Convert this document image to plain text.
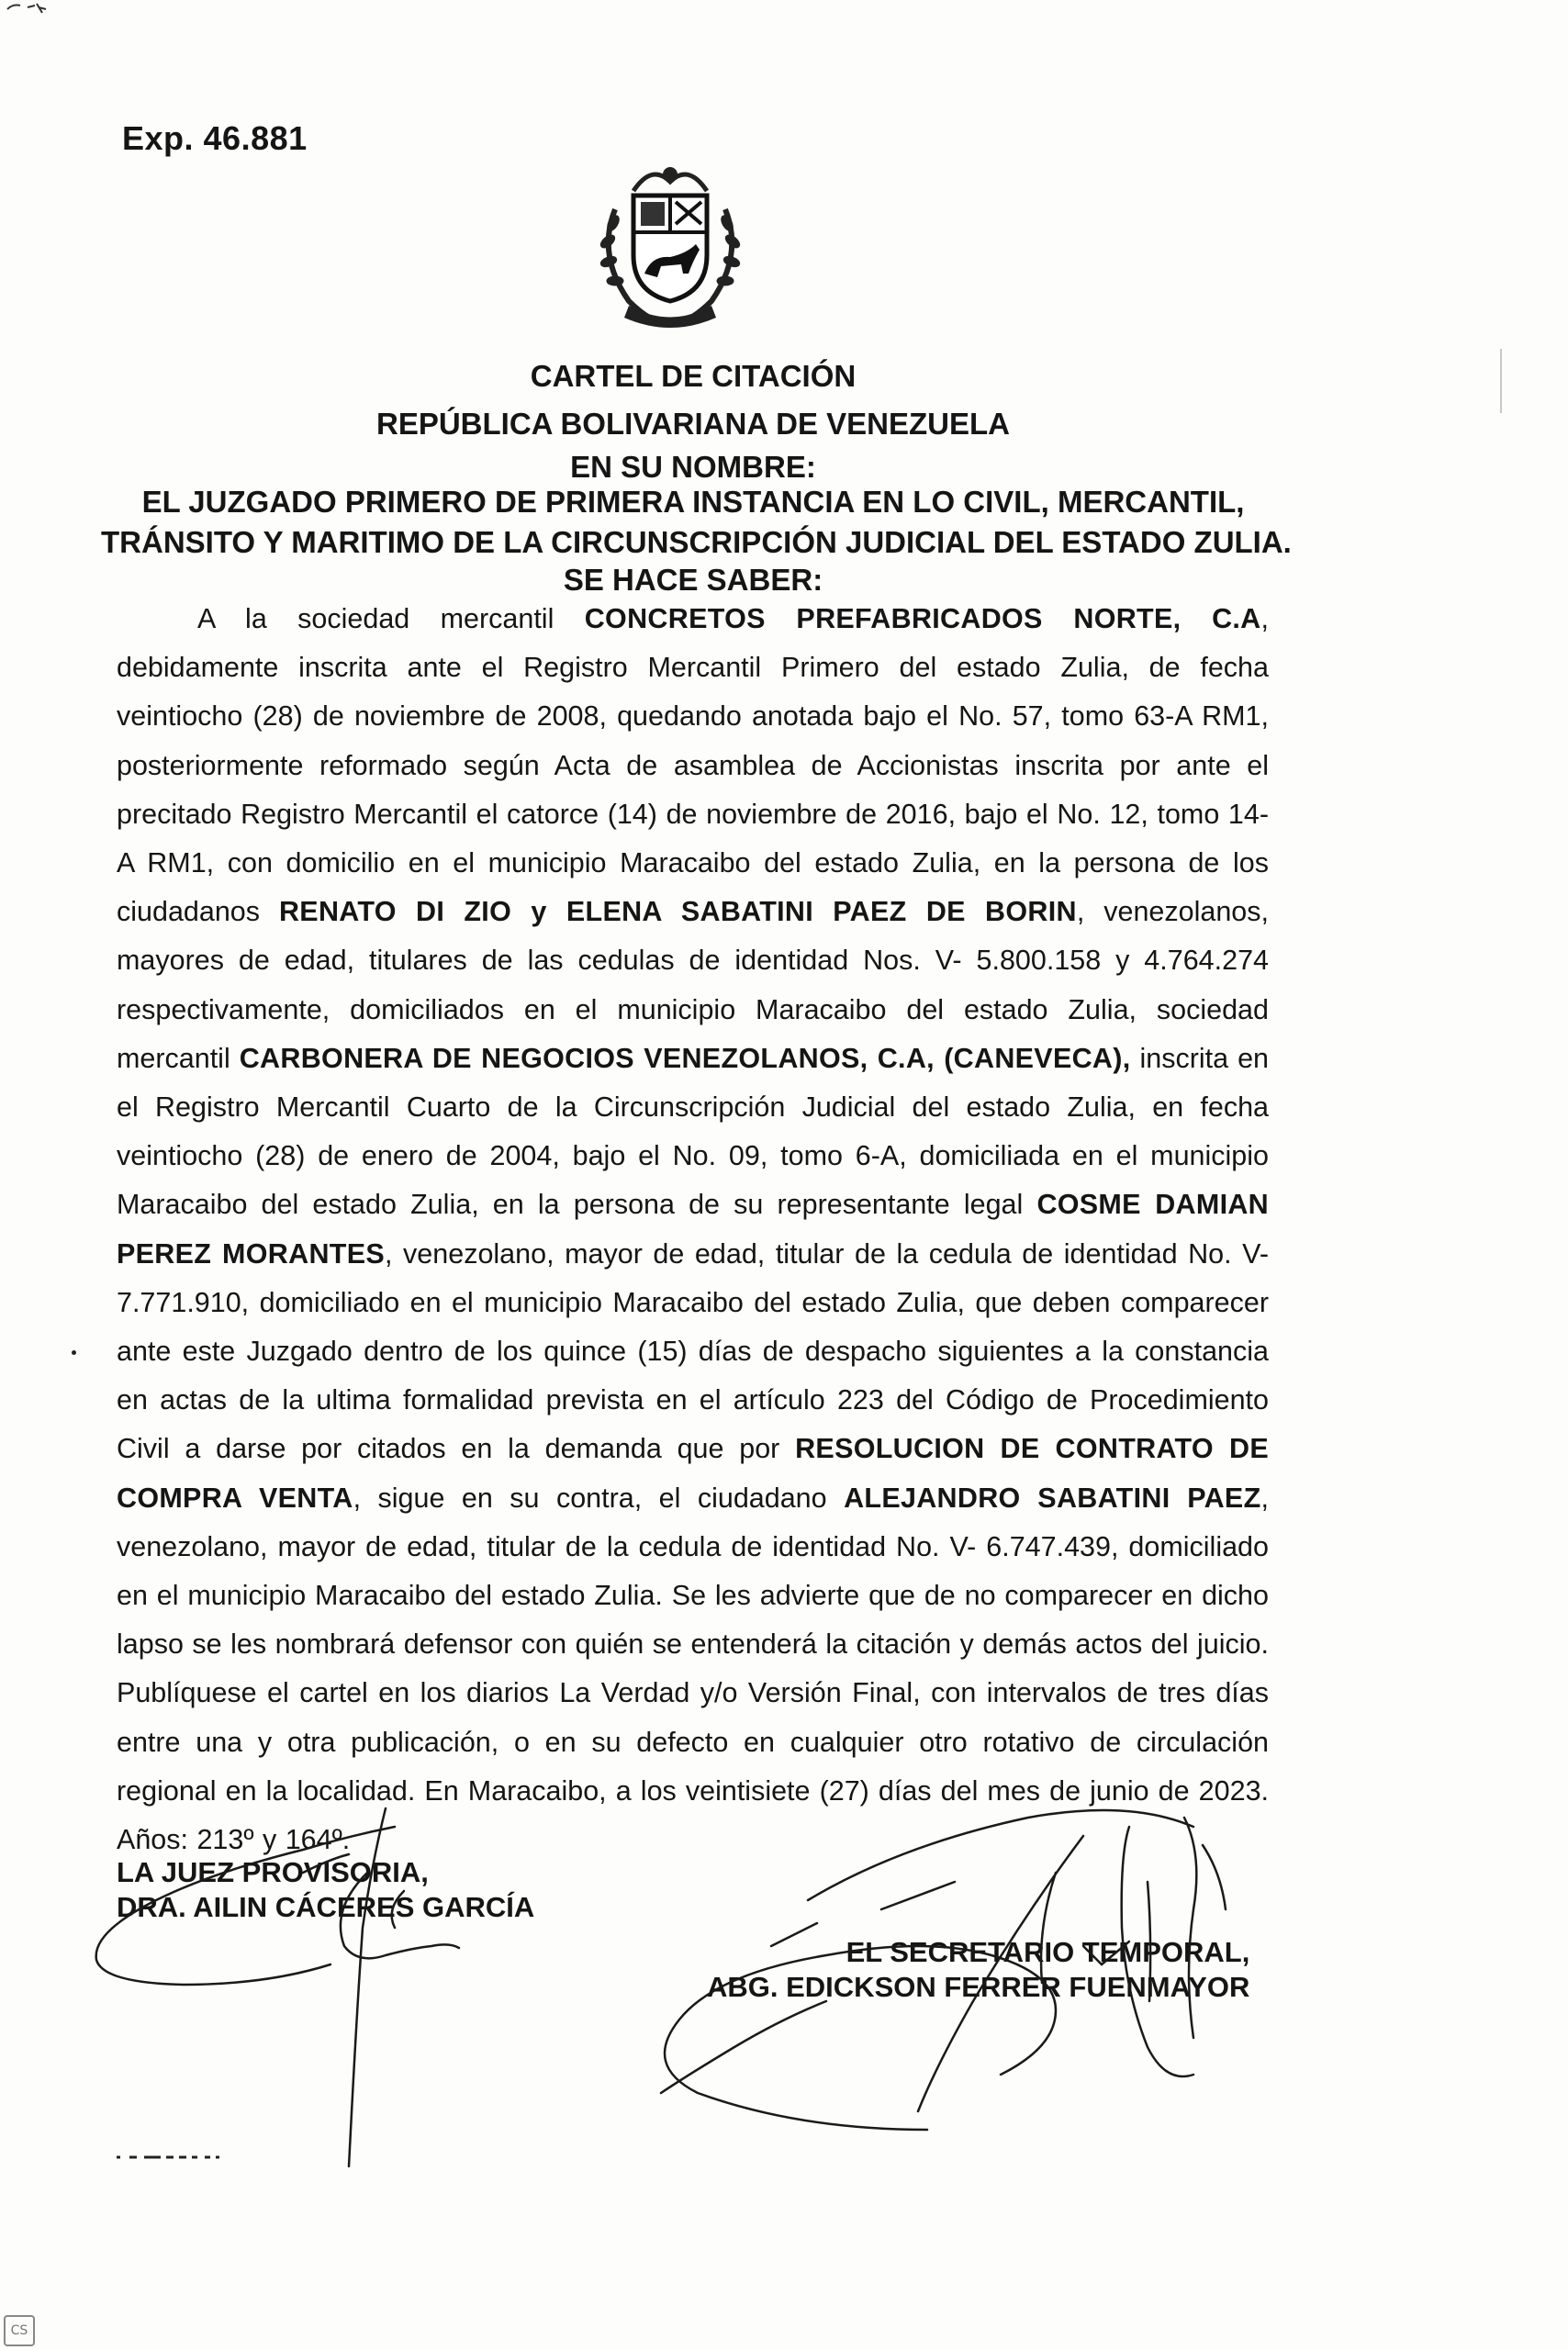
Exp. 46.881
CARTEL DE CITACIÓN
REPÚBLICA BOLIVARIANA DE VENEZUELA
EN SU NOMBRE:
EL JUZGADO PRIMERO DE PRIMERA INSTANCIA EN LO CIVIL, MERCANTIL,
TRÁNSITO Y MARITIMO DE LA CIRCUNSCRIPCIÓN JUDICIAL DEL ESTADO ZULIA.
SE HACE SABER:
A la sociedad mercantil CONCRETOS PREFABRICADOS NORTE, C.A, debidamente inscrita ante el Registro Mercantil Primero del estado Zulia, de fecha veintiocho (28) de noviembre de 2008, quedando anotada bajo el No. 57, tomo 63-A RM1, posteriormente reformado según Acta de asamblea de Accionistas inscrita por ante el precitado Registro Mercantil el catorce (14) de noviembre de 2016, bajo el No. 12, tomo 14-A RM1, con domicilio en el municipio Maracaibo del estado Zulia, en la persona de los ciudadanos RENATO DI ZIO y ELENA SABATINI PAEZ DE BORIN, venezolanos, mayores de edad, titulares de las cedulas de identidad Nos. V- 5.800.158 y 4.764.274 respectivamente, domiciliados en el municipio Maracaibo del estado Zulia, sociedad mercantil CARBONERA DE NEGOCIOS VENEZOLANOS, C.A, (CANEVECA), inscrita en el Registro Mercantil Cuarto de la Circunscripción Judicial del estado Zulia, en fecha veintiocho (28) de enero de 2004, bajo el No. 09, tomo 6-A, domiciliada en el municipio Maracaibo del estado Zulia, en la persona de su representante legal COSME DAMIAN PEREZ MORANTES, venezolano, mayor de edad, titular de la cedula de identidad No. V- 7.771.910, domiciliado en el municipio Maracaibo del estado Zulia, que deben comparecer ante este Juzgado dentro de los quince (15) días de despacho siguientes a la constancia en actas de la ultima formalidad prevista en el artículo 223 del Código de Procedimiento Civil a darse por citados en la demanda que por RESOLUCION DE CONTRATO DE COMPRA VENTA, sigue en su contra, el ciudadano ALEJANDRO SABATINI PAEZ, venezolano, mayor de edad, titular de la cedula de identidad No. V- 6.747.439, domiciliado en el municipio Maracaibo del estado Zulia. Se les advierte que de no comparecer en dicho lapso se les nombrará defensor con quién se entenderá la citación y demás actos del juicio. Publíquese el cartel en los diarios La Verdad y/o Versión Final, con intervalos de tres días entre una y otra publicación, o en su defecto en cualquier otro rotativo de circulación regional en la localidad. En Maracaibo, a los veintisiete (27) días del mes de junio de 2023. Años: 213º y 164º.
LA JUEZ PROVISORIA,
DRA. AILIN CÁCERES GARCÍA
EL SECRETARIO TEMPORAL,
ABG. EDICKSON FERRER FUENMAYOR
CS
